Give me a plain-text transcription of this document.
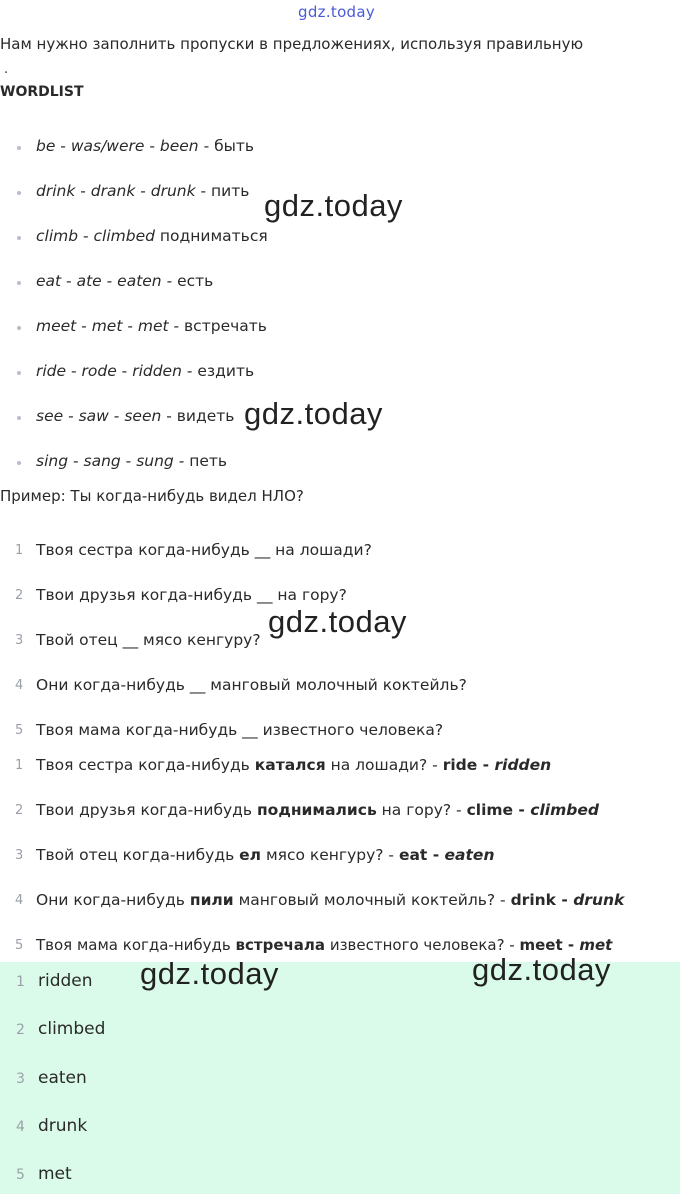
gdz.today
Нам нужно заполнить пропуски в предложениях, используя правильную
.
WORDLIST
be - was/were - been - быть
drink - drank - drunk - пить
climb - climbed подниматься
eat - ate - eaten - есть
meet - met - met - встречать
ride - rode - ridden - ездить
see - saw - seen - видеть
sing - sang - sung - петь
Пример: Ты когда-нибудь видел НЛО?
1 Твоя сестра когда-нибудь __ на лошади?
2 Твои друзья когда-нибудь __ на гору?
3 Твой отец __ мясо кенгуру?
4 Они когда-нибудь __ манговый молочный коктейль?
5 Твоя мама когда-нибудь __ известного человека?
1 Твоя сестра когда-нибудь катался на лошади? - ride - ridden
2 Твои друзья когда-нибудь поднимались на гору? - clime - climbed
3 Твой отец когда-нибудь ел мясо кенгуру? - eat - eaten
4 Они когда-нибудь пили манговый молочный коктейль? - drink - drunk
5 Твоя мама когда-нибудь встречала известного человека? - meet - met
1 ridden
2 climbed
3 eaten
4 drunk
5 met
gdz.today
gdz.today
gdz.today
gdz.today	gdz.today
